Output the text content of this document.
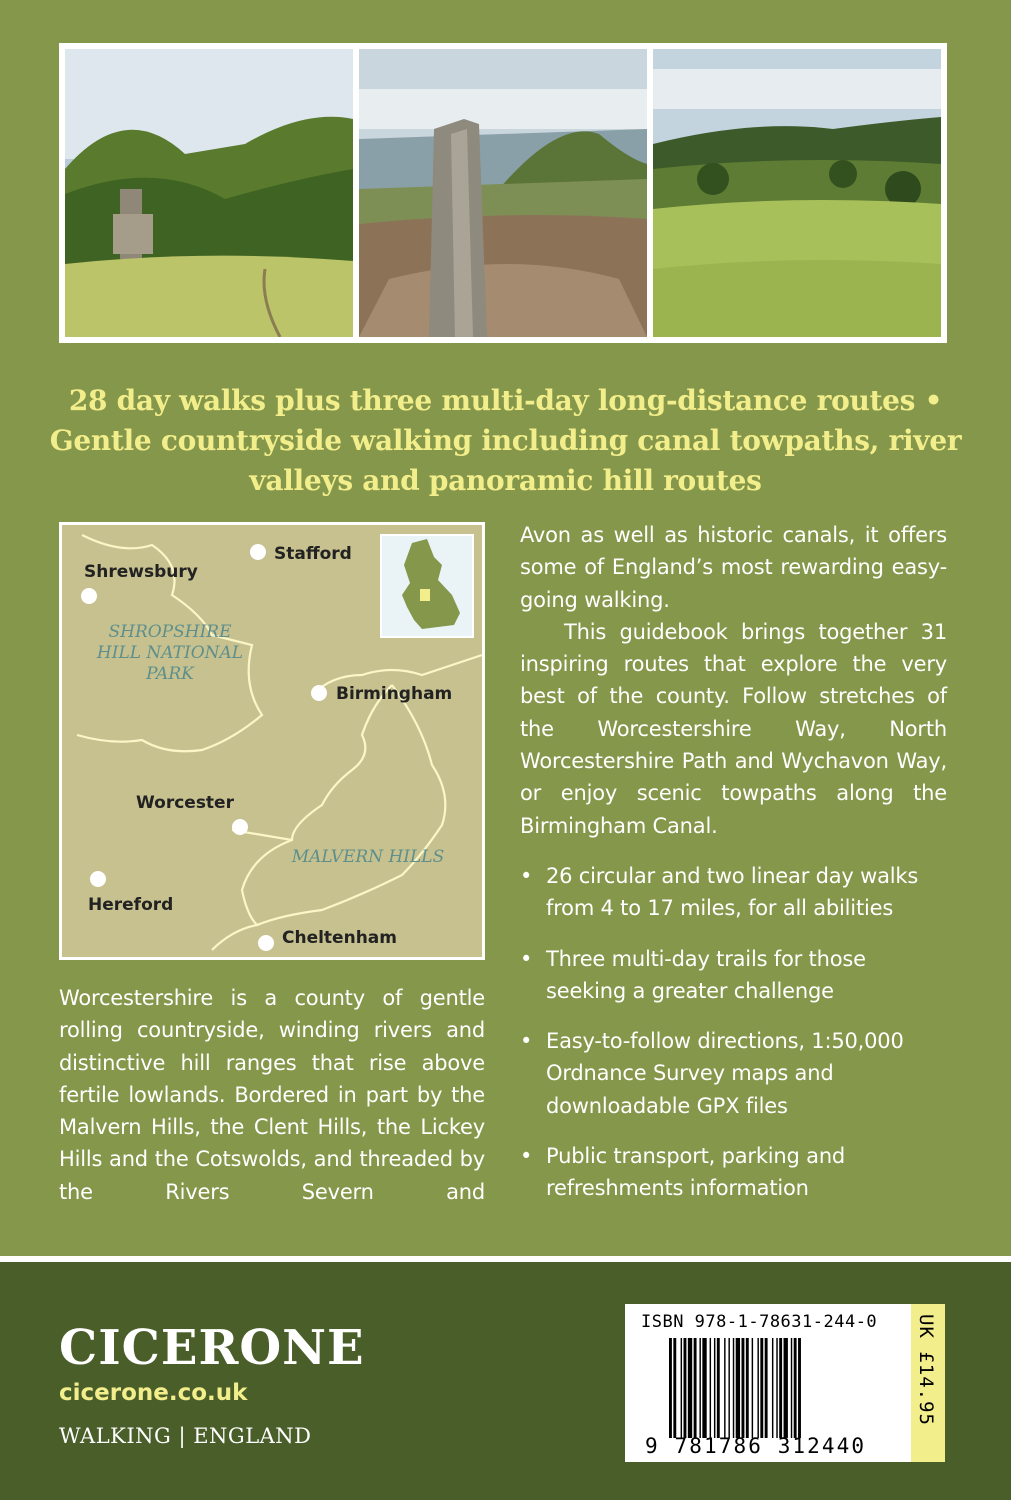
28 day walks plus three multi-day long-distance routes • Gentle countryside walking including canal towpaths, river valleys and panoramic hill routes
Stafford
Shrewsbury
Birmingham
Worcester
Hereford
Cheltenham
SHROPSHIRE
HILL NATIONAL
PARK
MALVERN HILLS
Worcestershire is a county of gentle rolling countryside, winding rivers and distinctive hill ranges that rise above fertile lowlands. Bordered in part by the Malvern Hills, the Clent Hills, the Lickey Hills and the Cotswolds, and threaded by the Rivers Severn and

Avon as well as historic canals, it offers some of England’s most rewarding easy-going walking.

This guidebook brings together 31 inspiring routes that explore the very best of the county. Follow stretches of the Worcestershire Way, North Worcestershire Path and Wychavon Way, or enjoy scenic towpaths along the Birmingham Canal.

• 26 circular and two linear day walks from 4 to 17 miles, for all abilities
• Three multi-day trails for those seeking a greater challenge
• Easy-to-follow directions, 1:50,000 Ordnance Survey maps and downloadable GPX files
• Public transport, parking and refreshments information
CICERONE
cicerone.co.uk
WALKING | ENGLAND
ISBN 978-1-78631-244-0
9 781786 312440
UK £14.95
